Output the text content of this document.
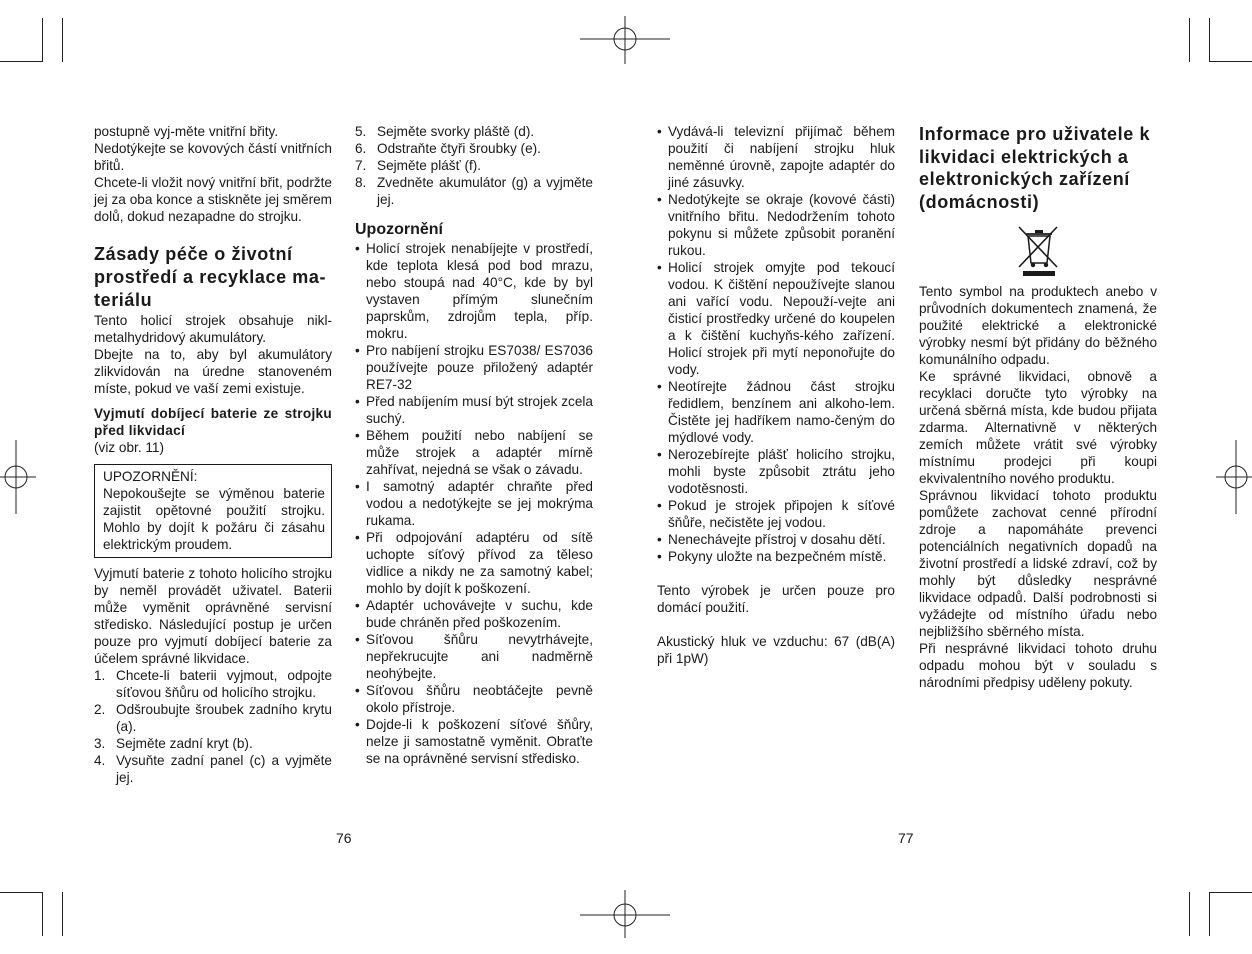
postupně vyj-měte vnitřní břity.

Nedotýkejte se kovových částí vnitřních břitů.

Chcete-li vložit nový vnitřní břit, podržte jej za oba konce a stiskněte jej směrem dolů, dokud nezapadne do strojku.

Zásady péče o životní prostředí a recyklace ma-teriálu

Tento holicí strojek obsahuje nikl-metalhydridový akumulátory.

Dbejte na to, aby byl akumulátory zlikvidován na úredne stanoveném míste, pokud ve vaší zemi existuje.

Vyjmutí dobíjecí baterie ze strojku před likvidací

(viz obr. 11)

UPOZORNĚNÍ:

Nepokoušejte se výměnou baterie zajistit opětovné použití strojku. Mohlo by dojít k požáru či zásahu elektrickým proudem.

Vyjmutí baterie z tohoto holicího strojku by neměl provádět uživatel. Baterii může vyměnit oprávněné servisní středisko. Následující postup je určen pouze pro vyjmutí dobíjecí baterie za účelem správné likvidace.

1. Chcete-li baterii vyjmout, odpojte síťovou šňůru od holicího strojku.
2. Odšroubujte šroubek zadního krytu (a).
3. Sejměte zadní kryt (b).
4. Vysuňte zadní panel (c) a vyjměte jej.
5. Sejměte svorky pláště (d).
6. Odstraňte čtyři šroubky (e).
7. Sejměte plášť (f).
8. Zvedněte akumulátor (g) a vyjměte jej.
Upozornění
• Holicí strojek nenabíjejte v prostředí, kde teplota klesá pod bod mrazu, nebo stoupá nad 40°C, kde by byl vystaven přímým slunečním paprskům, zdrojům tepla, příp. mokru.
• Pro nabíjení strojku ES7038/ ES7036 používejte pouze přiložený adaptér RE7-32
• Před nabíjením musí být strojek zcela suchý.
• Během použití nebo nabíjení se může strojek a adaptér mírně zahřívat, nejedná se však o závadu.
• I samotný adaptér chraňte před vodou a nedotýkejte se jej mokrýma rukama.
• Při odpojování adaptéru od sítě uchopte síťový přívod za těleso vidlice a nikdy ne za samotný kabel; mohlo by dojít k poškození.
• Adaptér uchovávejte v suchu, kde bude chráněn před poškozením.
• Síťovou šňůru nevytrhávejte, nepřekrucujte ani nadměrně neohýbejte.
• Síťovou šňůru neobtáčejte pevně okolo přístroje.
• Dojde-li k poškození síťové šňůry, nelze ji samostatně vyměnit. Obraťte se na oprávněné servisní středisko.
• Vydává-li televizní přijímač během použití či nabíjení strojku hluk neměnné úrovně, zapojte adaptér do jiné zásuvky.
• Nedotýkejte se okraje (kovové části) vnitřního břitu. Nedodržením tohoto pokynu si můžete způsobit poranění rukou.
• Holicí strojek omyjte pod tekoucí vodou. K čištění nepoužívejte slanou ani vařící vodu. Nepouží-vejte ani čisticí prostředky určené do koupelen a k čištění kuchyňs-kého zařízení. Holicí strojek při mytí neponořujte do vody.
• Neotírejte žádnou část strojku ředidlem, benzínem ani alkoho-lem. Čistěte jej hadříkem namo-čeným do mýdlové vody.
• Nerozebírejte plášť holicího strojku, mohli byste způsobit ztrátu jeho vodotěsnosti.
• Pokud je strojek připojen k síťové šňůře, nečistěte jej vodou.
• Nenechávejte přístroj v dosahu dětí.
• Pokyny uložte na bezpečném místě.

Tento výrobek je určen pouze pro domácí použití.

Akustický hluk ve vzduchu: 67 (dB(A) při 1pW)

Informace pro uživatele k likvidaci elektrických a elektronických zařízení (domácnosti)

Tento symbol na produktech anebo v průvodních dokumentech znamená, že použité elektrické a elektronické výrobky nesmí být přidány do běžného komunálního odpadu.

Ke správné likvidaci, obnově a recyklaci doručte tyto výrobky na určená sběrná místa, kde budou přijata zdarma. Alternativně v některých zemích můžete vrátit své výrobky místnímu prodejci při koupi ekvivalentního nového produktu.

Správnou likvidací tohoto produktu pomůžete zachovat cenné přírodní zdroje a napomáháte prevenci potenciálních negativních dopadů na životní prostředí a lidské zdraví, což by mohly být důsledky nesprávné likvidace odpadů. Další podrobnosti si vyžádejte od místního úřadu nebo nejbližšího sběrného místa.

Při nesprávné likvidaci tohoto druhu odpadu mohou být v souladu s národními předpisy uděleny pokuty.

76	77
